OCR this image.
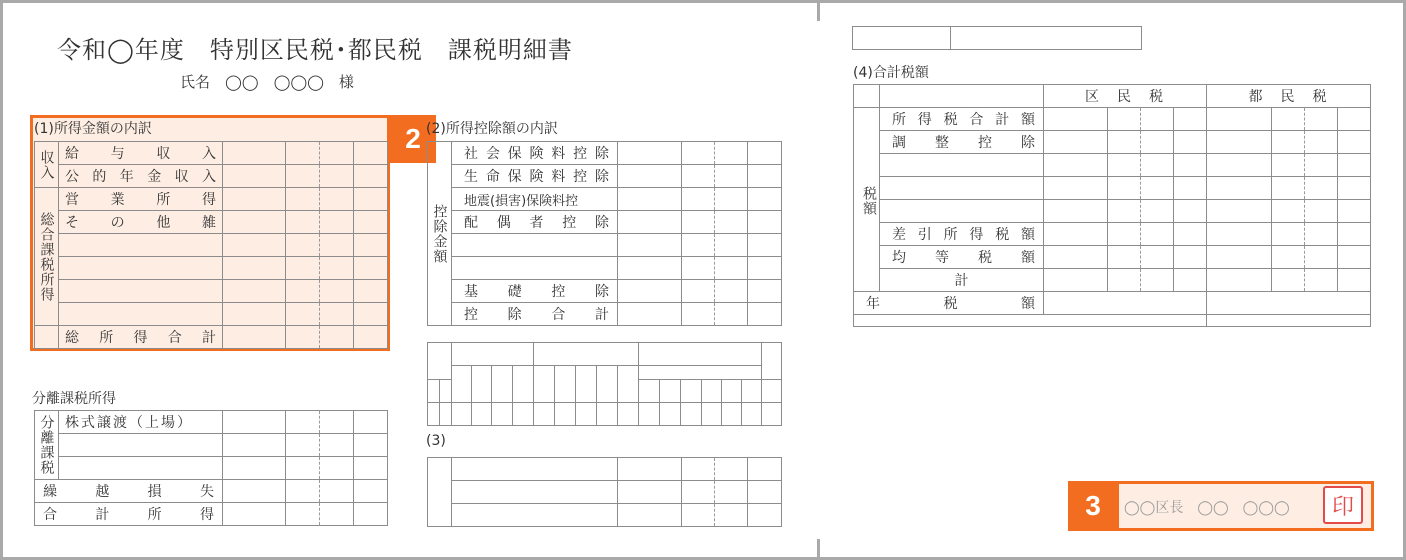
令和◯年度　特別区民税･都民税　課税明細書
氏名　◯◯　◯◯◯　様
2
(1)所得金額の内訳
収入	給　与　収　入				
	公的年金収入				
総合課税所得	営　業　所　得				
	そ　の　他　雑				

	総　所　得　合　計				
分離課税所得
分離課税	株式譲渡（上場）				

繰　越　損　失					
合　計　所　得					
(2)所得控除額の内訳
控除金額	社会保険料控除				
	生命保険料控除				
	地震(損害)保険料控				
	配　偶　者　控　除				

	基　礎　控　除				
	控　除　合　計				

(3)

(4)合計税額
		区　民　税				都　民　税			
税額	所得税合計額								
	調　整　控　除								

	差引所得税額								
	均　等　税　額								
	計								
年　　　税　　　額									

3	◯◯区長　◯◯　◯◯◯	印
